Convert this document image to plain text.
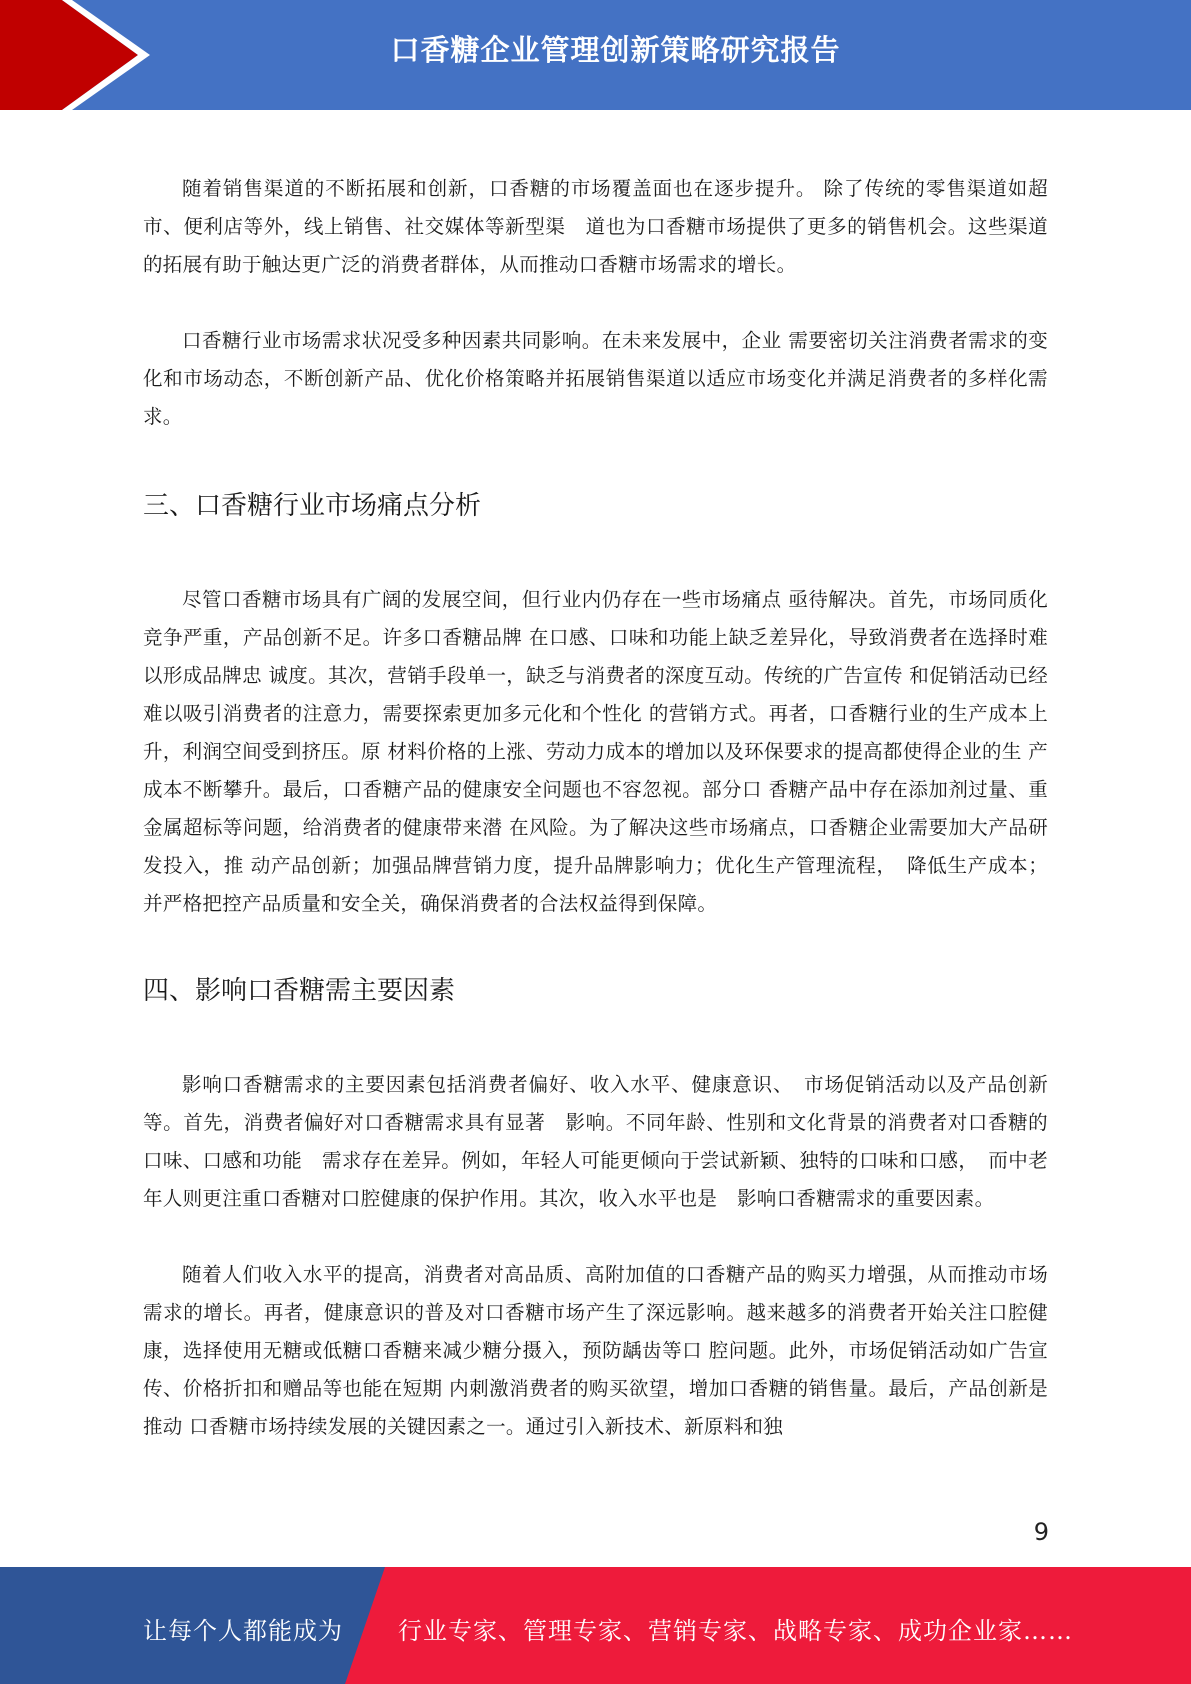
口香糖企业管理创新策略研究报告

随着销售渠道的不断拓展和创新，口香糖的市场覆盖面也在逐步提升。 除了传统的零售渠道如超市、便利店等外，线上销售、社交媒体等新型渠　道也为口香糖市场提供了更多的销售机会。这些渠道的拓展有助于触达更广泛的消费者群体，从而推动口香糖市场需求的增长。

口香糖行业市场需求状况受多种因素共同影响。在未来发展中，企业 需要密切关注消费者需求的变化和市场动态，不断创新产品、优化价格策略并拓展销售渠道以适应市场变化并满足消费者的多样化需求。

三、口香糖行业市场痛点分析

尽管口香糖市场具有广阔的发展空间，但行业内仍存在一些市场痛点 亟待解决。首先，市场同质化竞争严重，产品创新不足。许多口香糖品牌 在口感、口味和功能上缺乏差异化，导致消费者在选择时难以形成品牌忠 诚度。其次，营销手段单一，缺乏与消费者的深度互动。传统的广告宣传 和促销活动已经难以吸引消费者的注意力，需要探索更加多元化和个性化 的营销方式。再者，口香糖行业的生产成本上升，利润空间受到挤压。原 材料价格的上涨、劳动力成本的增加以及环保要求的提高都使得企业的生 产成本不断攀升。最后，口香糖产品的健康安全问题也不容忽视。部分口 香糖产品中存在添加剂过量、重金属超标等问题，给消费者的健康带来潜 在风险。为了解决这些市场痛点，口香糖企业需要加大产品研发投入，推 动产品创新；加强品牌营销力度，提升品牌影响力；优化生产管理流程，　降低生产成本；并严格把控产品质量和安全关，确保消费者的合法权益得到保障。

四、影响口香糖需主要因素

影响口香糖需求的主要因素包括消费者偏好、收入水平、健康意识、　市场促销活动以及产品创新等。首先，消费者偏好对口香糖需求具有显著　影响。不同年龄、性别和文化背景的消费者对口香糖的口味、口感和功能　需求存在差异。例如，年轻人可能更倾向于尝试新颖、独特的口味和口感，　而中老年人则更注重口香糖对口腔健康的保护作用。其次，收入水平也是　影响口香糖需求的重要因素。

随着人们收入水平的提高，消费者对高品质、高附加值的口香糖产品的购买力增强，从而推动市场需求的增长。再者，健康意识的普及对口香糖市场产生了深远影响。越来越多的消费者开始关注口腔健康，选择使用无糖或低糖口香糖来减少糖分摄入，预防龋齿等口 腔问题。此外，市场促销活动如广告宣传、价格折扣和赠品等也能在短期 内刺激消费者的购买欲望，增加口香糖的销售量。最后，产品创新是推动 口香糖市场持续发展的关键因素之一。通过引入新技术、新原料和独

9
让每个人都能成为 行业专家、管理专家、营销专家、战略专家、成功企业家……
